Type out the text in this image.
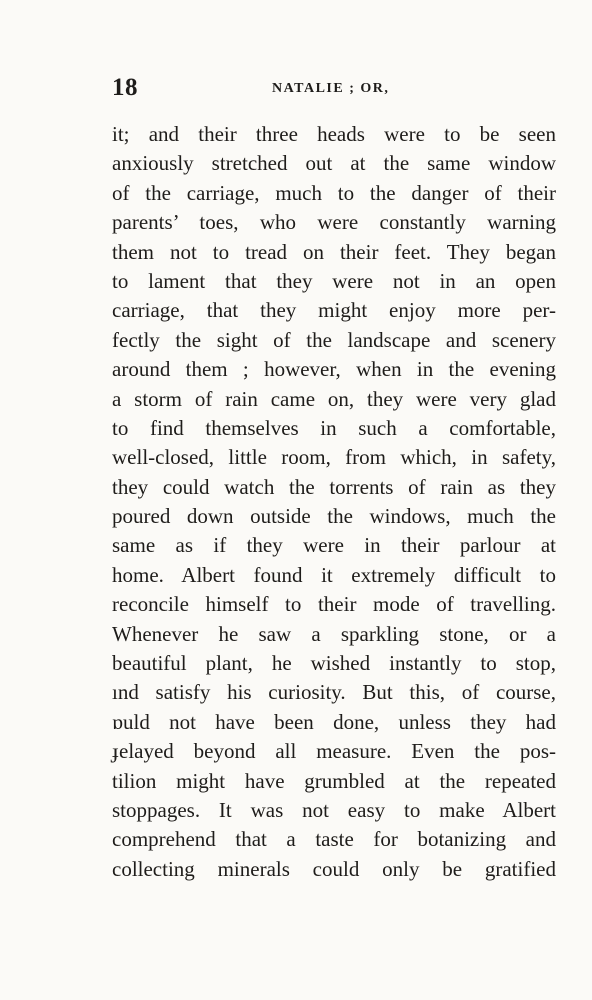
18	NATALIE ; OR,
it; and their three heads were to be seen
anxiously stretched out at the same window
of the carriage, much to the danger of their
parents’ toes, who were constantly warning
them not to tread on their feet. They began
to lament that they were not in an open
carriage, that they might enjoy more per-
fectly the sight of the landscape and scenery
around them ; however, when in the evening
a storm of rain came on, they were very glad
to find themselves in such a comfortable,
well-closed, little room, from which, in safety,
they could watch the torrents of rain as they
poured down outside the windows, much the
same as if they were in their parlour at
home. Albert found it extremely difficult to
reconcile himself to their mode of travelling.
Whenever he saw a sparkling stone, or a
beautiful plant, he wished instantly to stop,
ınd satisfy his curiosity. But this, of course,
ɒuld not have been done, unless they had
ɟelayed beyond all measure. Even the pos-
tilion might have grumbled at the repeated
stoppages. It was not easy to make Albert
comprehend that a taste for botanizing and
collecting minerals could only be gratified
